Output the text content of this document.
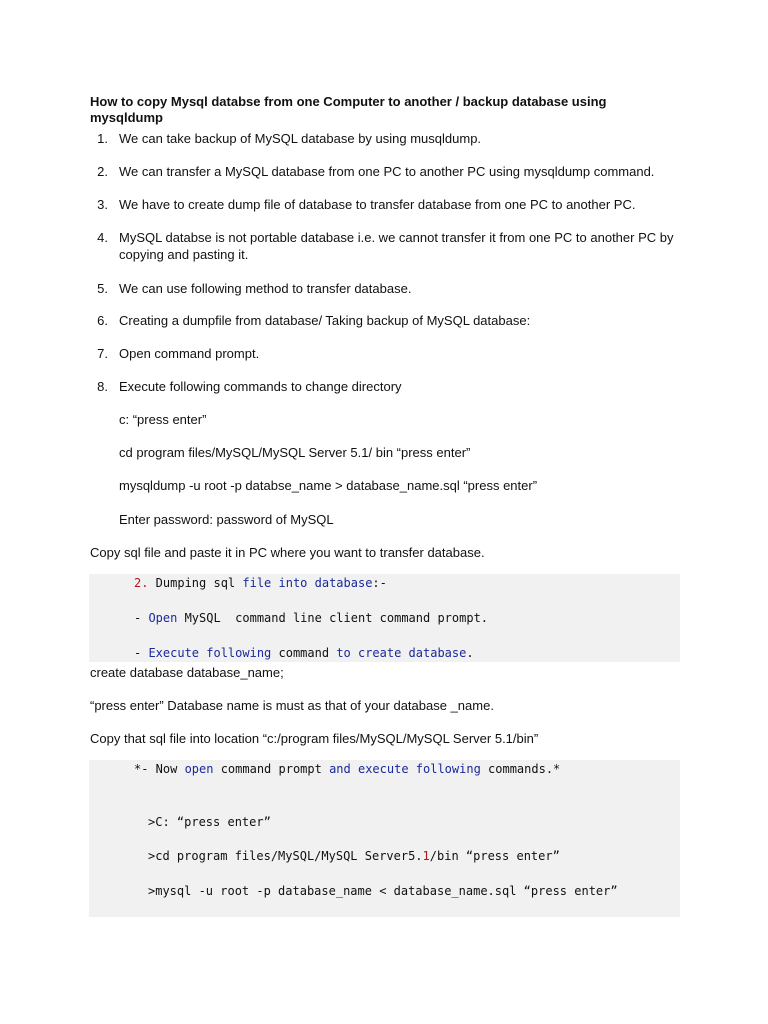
How to copy Mysql databse from one Computer to another / backup database using mysqldump
1. We can take backup of MySQL database by using musqldump.
2. We can transfer a MySQL database from one PC to another PC using mysqldump command.
3. We have to create dump file of database to transfer database from one PC to another PC.
4. MySQL databse is not portable database i.e. we cannot transfer it from one PC to another PC by copying and pasting it.
5. We can use following method to transfer database.
6. Creating a dumpfile from database/ Taking backup of MySQL database:
7. Open command prompt.
8. Execute following commands to change directory
c: “press enter”
cd program files/MySQL/MySQL Server 5.1/ bin “press enter”
mysqldump -u root -p databse_name > database_name.sql “press enter”
Enter password: password of MySQL
Copy sql file and paste it in PC where you want to transfer database.
2. Dumping sql file into database:-
- Open MySQL  command line client command prompt.
- Execute following command to create database.
create database database_name;
“press enter” Database name is must as that of your database _name.
Copy that sql file into location “c:/program files/MySQL/MySQL Server 5.1/bin”
*- Now open command prompt and execute following commands.*
>C: “press enter”
>cd program files/MySQL/MySQL Server5.1/bin “press enter”
>mysql -u root -p database_name < database_name.sql “press enter”
